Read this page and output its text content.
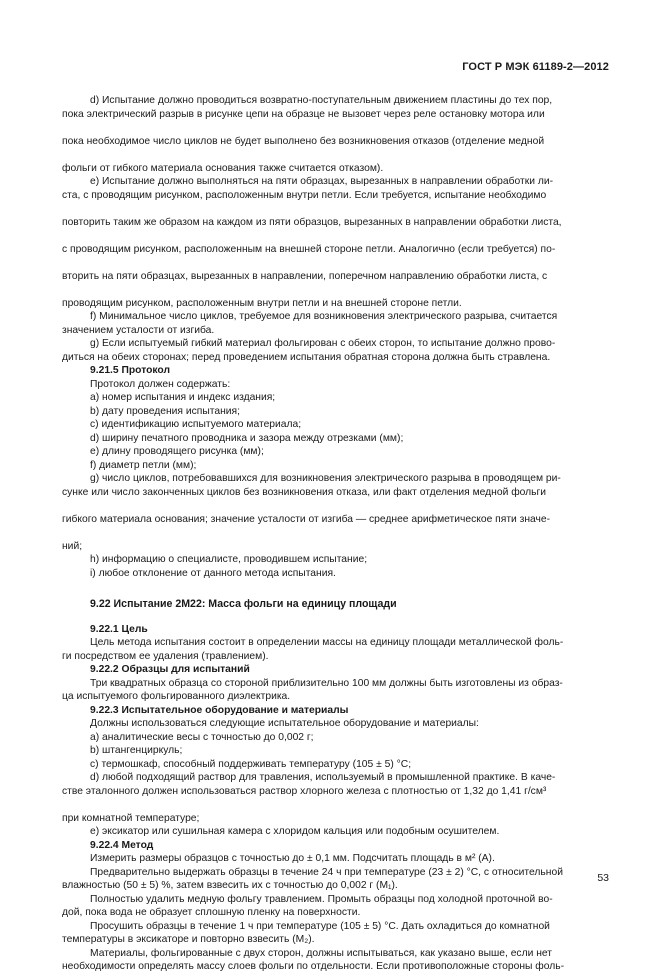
ГОСТ Р МЭК 61189-2—2012

d) Испытание должно проводиться возвратно-поступательным движением пластины до тех пор,

пока электрический разрыв в рисунке цепи на образце не вызовет через реле остановку мотора или

пока необходимое число циклов не будет выполнено без возникновения отказов (отделение медной

фольги от гибкого материала основания также считается отказом).

e) Испытание должно выполняться на пяти образцах, вырезанных в направлении обработки ли-

ста, с проводящим рисунком, расположенным внутри петли. Если требуется, испытание необходимо

повторить таким же образом на каждом из пяти образцов, вырезанных в направлении обработки листа,

с проводящим рисунком, расположенным на внешней стороне петли. Аналогично (если требуется) по-

вторить на пяти образцах, вырезанных в направлении, поперечном направлению обработки листа, с

проводящим рисунком, расположенным внутри петли и на внешней стороне петли.

f) Минимальное число циклов, требуемое для возникновения электрического разрыва, считается

значением усталости от изгиба.

g) Если испытуемый гибкий материал фольгирован с обеих сторон, то испытание должно прово-

диться на обеих сторонах; перед проведением испытания обратная сторона должна быть стравлена.

9.21.5 Протокол

Протокол должен содержать:

a) номер испытания и индекс издания;

b) дату проведения испытания;

c) идентификацию испытуемого материала;

d) ширину печатного проводника и зазора между отрезками (мм);

e) длину проводящего рисунка (мм);

f) диаметр петли (мм);

g) число циклов, потребовавшихся для возникновения электрического разрыва в проводящем ри-

сунке или число законченных циклов без возникновения отказа, или факт отделения медной фольги

гибкого материала основания; значение усталости от изгиба — среднее арифметическое пяти значе-

ний;

h) информацию о специалисте, проводившем испытание;

i) любое отклонение от данного метода испытания.

9.22 Испытание 2М22: Масса фольги на единицу площади

9.22.1 Цель

Цель метода испытания состоит в определении массы на единицу площади металлической фоль-

ги посредством ее удаления (травлением).

9.22.2 Образцы для испытаний

Три квадратных образца со стороной приблизительно 100 мм должны быть изготовлены из образ-

ца испытуемого фольгированного диэлектрика.

9.22.3 Испытательное оборудование и материалы

Должны использоваться следующие испытательное оборудование и материалы:

a) аналитические весы с точностью до 0,002 г;

b) штангенциркуль;

c) термошкаф, способный поддерживать температуру (105 ± 5) °С;

d) любой подходящий раствор для травления, используемый в промышленной практике. В каче-

стве эталонного должен использоваться раствор хлорного железа с плотностью от 1,32 до 1,41 г/см³

при комнатной температуре;

e) эксикатор или сушильная камера с хлоридом кальция или подобным осушителем.

9.22.4 Метод

Измерить размеры образцов с точностью до ± 0,1 мм. Подсчитать площадь в м² (A).

Предварительно выдержать образцы в течение 24 ч при температуре (23 ± 2) °С, с относительной

влажностью (50 ± 5) %, затем взвесить их с точностью до 0,002 г (M₁).

Полностью удалить медную фольгу травлением. Промыть образцы под холодной проточной во-

дой, пока вода не образует сплошную пленку на поверхности.

Просушить образцы в течение 1 ч при температуре (105 ± 5) °С. Дать охладиться до комнатной

температуры в эксикаторе и повторно взвесить (M₂).

Материалы, фольгированные с двух сторон, должны испытываться, как указано выше, если нет

необходимости определять массу слоев фольги по отдельности. Если противоположные стороны фоль-

53
